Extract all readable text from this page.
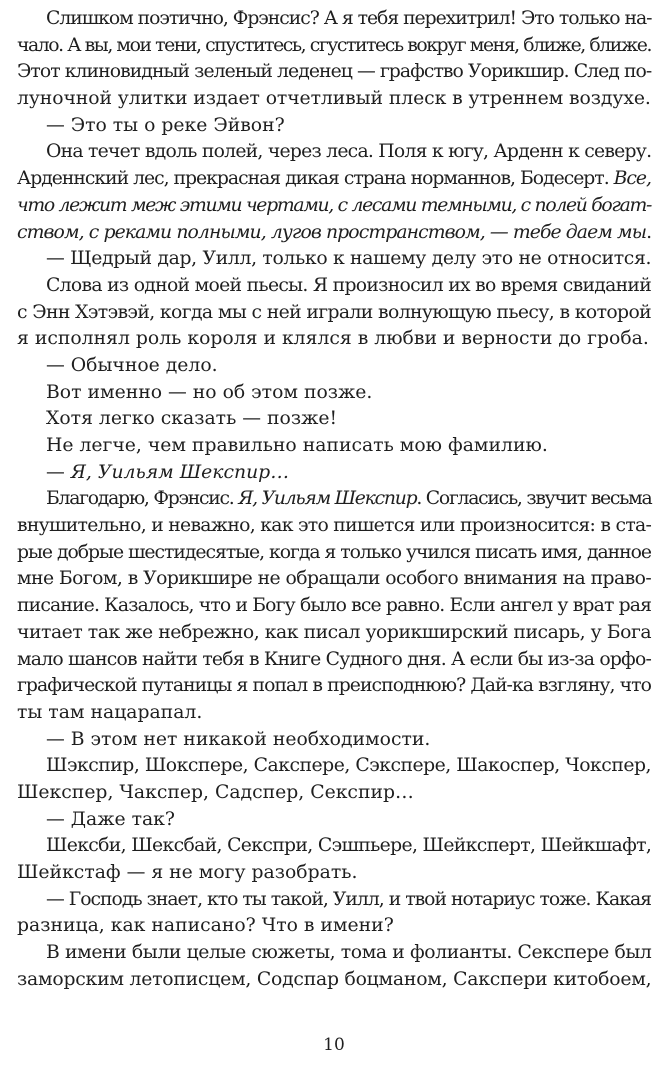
Слишком поэтично, Фрэнсис? А я тебя перехитрил! Это только на-
чало. А вы, мои тени, спуститесь, сгуститесь вокруг меня, ближе, ближе.
Этот клиновидный зеленый леденец — графство Уорикшир. След по-
луночной улитки издает отчетливый плеск в утреннем воздухе.
— Это ты о реке Эйвон?
Она течет вдоль полей, через леса. Поля к югу, Арденн к северу.
Арденнский лес, прекрасная дикая страна норманнов, Бодесерт. Все,
что лежит меж этими чертами, с лесами темными, с полей богат-
ством, с реками полными, лугов пространством, — тебе даем мы.
— Щедрый дар, Уилл, только к нашему делу это не относится.
Слова из одной моей пьесы. Я произносил их во время свиданий
с Энн Хэтэвэй, когда мы с ней играли волнующую пьесу, в которой
я исполнял роль короля и клялся в любви и верности до гроба.
— Обычное дело.
Вот именно — но об этом позже.
Хотя легко сказать — позже!
Не легче, чем правильно написать мою фамилию.
— Я, Уильям Шекспир…
Благодарю, Фрэнсис. Я, Уильям Шекспир. Согласись, звучит весьма
внушительно, и неважно, как это пишется или произносится: в ста-
рые добрые шестидесятые, когда я только учился писать имя, данное
мне Богом, в Уорикшире не обращали особого внимания на право-
писание. Казалось, что и Богу было все равно. Если ангел у врат рая
читает так же небрежно, как писал уорикширский писарь, у Бога
мало шансов найти тебя в Книге Судного дня. А если бы из-за орфо-
графической путаницы я попал в преисподнюю? Дай-ка взгляну, что
ты там нацарапал.
— В этом нет никакой необходимости.
Шэкспир, Шокспере, Сакспере, Сэкспере, Шакоспер, Чокспер,
Шекспер, Чакспер, Садспер, Секспир…
— Даже так?
Шексби, Шексбай, Секспри, Сэшпьере, Шейксперт, Шейкшафт,
Шейкстаф — я не могу разобрать.
— Господь знает, кто ты такой, Уилл, и твой нотариус тоже. Какая
разница, как написано? Что в имени?
В имени были целые сюжеты, тома и фолианты. Секспере был
заморским летописцем, Содспар боцманом, Сакспери китобоем,
10
